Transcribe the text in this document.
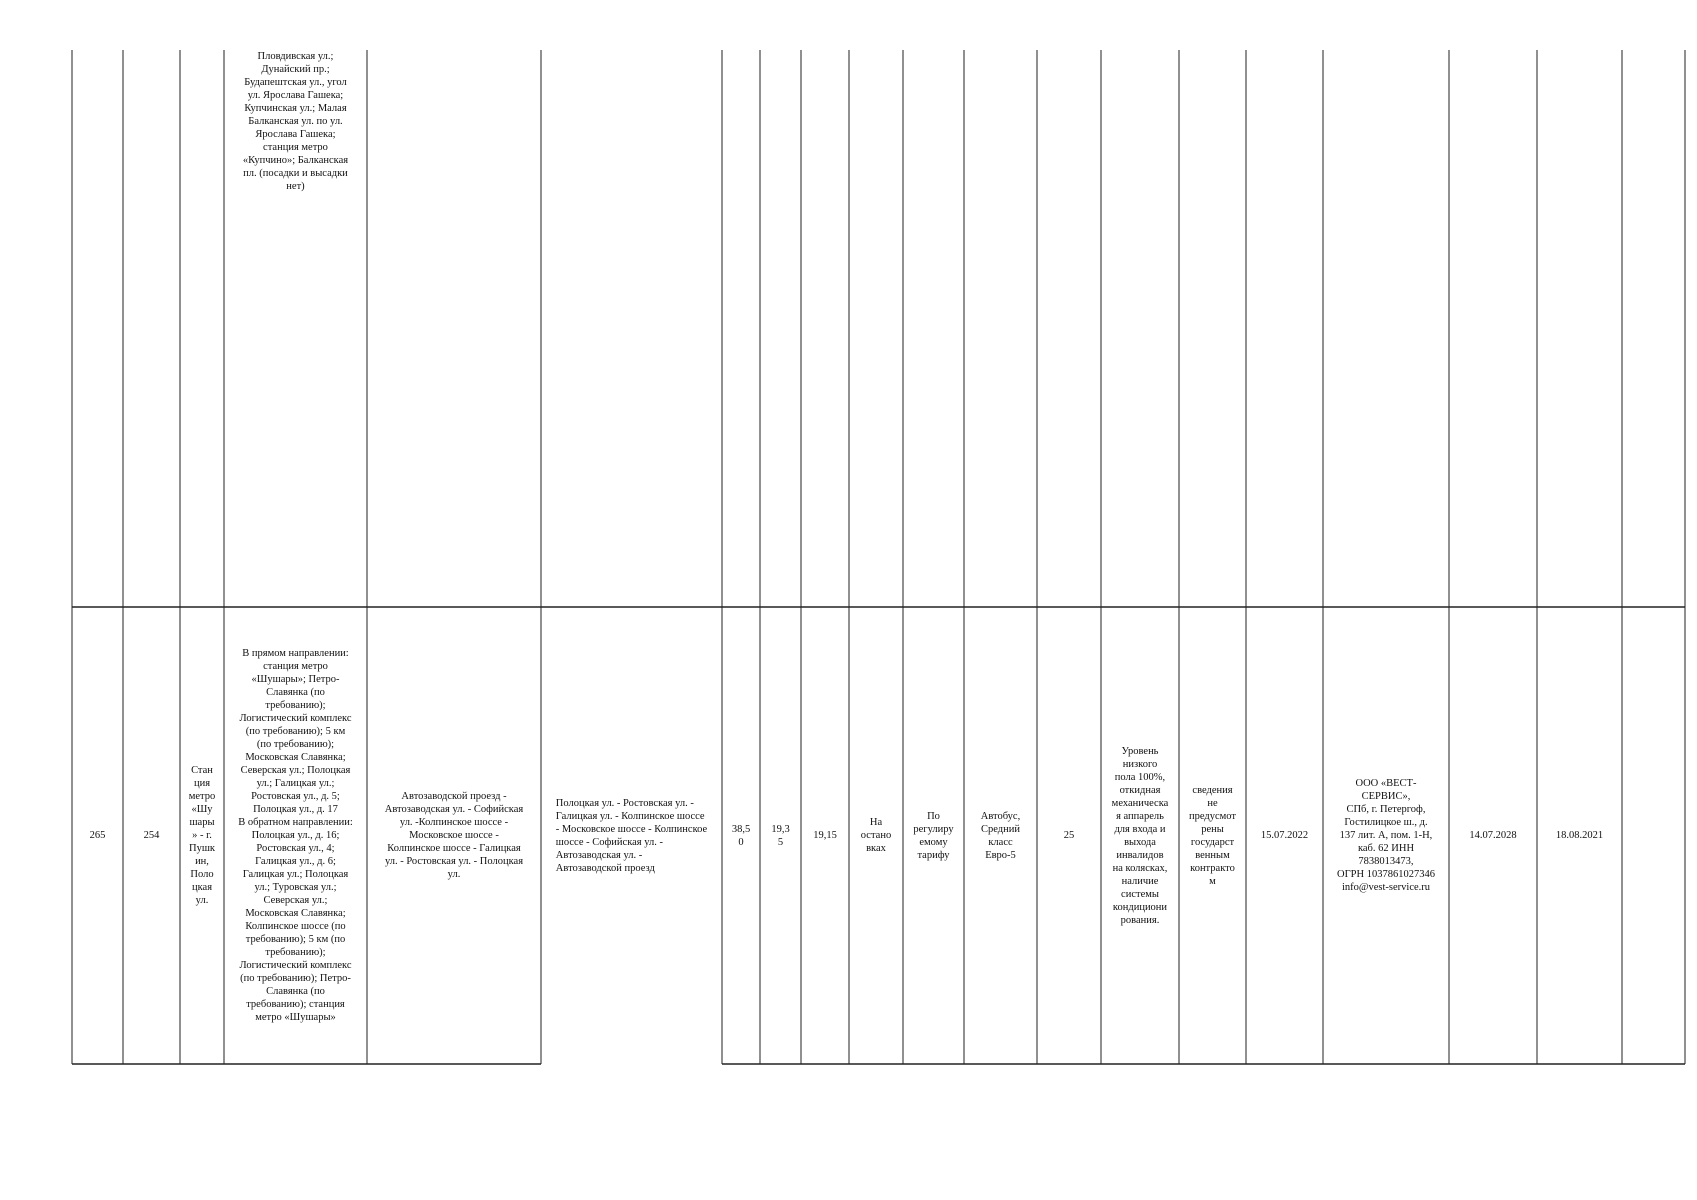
Пловдивская ул.;
Дунайский пр.;
Будапештская ул., угол
ул. Ярослава Гашека;
Купчинская ул.; Малая
Балканская ул. по ул.
Ярослава Гашека;
станция метро
«Купчино»; Балканская
пл. (посадки и высадки
нет)
265	254
Стан
ция
метро
«Шу
шары
» - г.
Пушк
ин,
Поло
цкая
ул.
В прямом направлении:
станция метро
«Шушары»; Петро-
Славянка (по
требованию);
Логистический комплекс
(по требованию); 5 км
(по требованию);
Московская Славянка;
Северская ул.; Полоцкая
ул.; Галицкая ул.;
Ростовская ул., д. 5;
Полоцкая ул., д. 17
В обратном направлении:
Полоцкая ул., д. 16;
Ростовская ул., 4;
Галицкая ул., д. 6;
Галицкая ул.; Полоцкая
ул.; Туровская ул.;
Северская ул.;
Московская Славянка;
Колпинское шоссе (по
требованию); 5 км (по
требованию);
Логистический комплекс
(по требованию); Петро-
Славянка (по
требованию); станция
метро «Шушары»
Автозаводской проезд -
Автозаводская ул. - Софийская
ул. -Колпинское шоссе -
Московское шоссе -
Колпинское шоссе - Галицкая
ул. - Ростовская ул. - Полоцкая
ул.
Полоцкая ул. - Ростовская ул. -
Галицкая ул. - Колпинское шоссе
- Московское шоссе - Колпинское
шоссе - Софийская ул. -
Автозаводская ул. -
Автозаводской проезд
38,5
0
19,3
5
19,15
На
остано
вках
По
регулиру
емому
тарифу
Автобус,
Средний
класс
Евро-5
25
Уровень
низкого
пола 100%,
откидная
механическа
я аппарель
для входа и
выхода
инвалидов
на колясках,
наличие
системы
кондициони
рования.
сведения
не
предусмот
рены
государст
венным
контракто
м
15.07.2022
ООО «ВЕСТ-
СЕРВИС»,
СПб, г. Петергоф,
Гостилицкое ш., д.
137 лит. А, пом. 1-Н,
каб. 62 ИНН
7838013473,
ОГРН 1037861027346
info@vest-service.ru
14.07.2028	18.08.2021
